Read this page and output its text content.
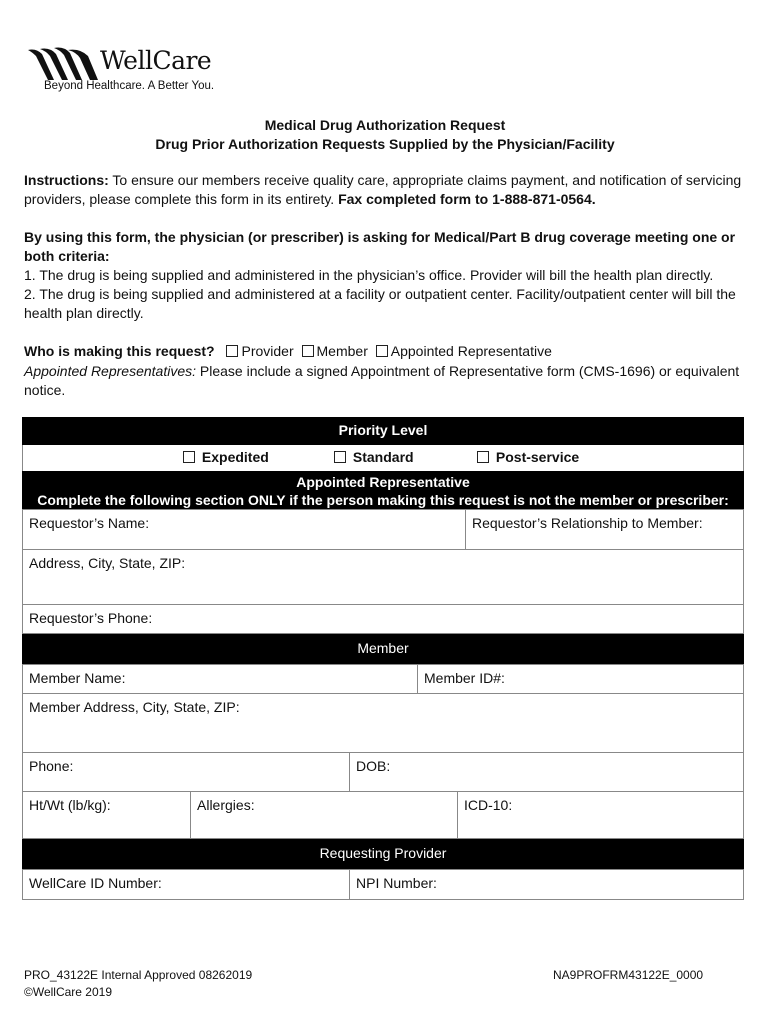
WellCare
Beyond Healthcare. A Better You.
Medical Drug Authorization Request
Drug Prior Authorization Requests Supplied by the Physician/Facility
Instructions: To ensure our members receive quality care, appropriate claims payment, and notification of servicing providers, please complete this form in its entirety. Fax completed form to 1-888-871-0564.
By using this form, the physician (or prescriber) is asking for Medical/Part B drug coverage meeting one or both criteria:
1. The drug is being supplied and administered in the physician’s office. Provider will bill the health plan directly.
2. The drug is being supplied and administered at a facility or outpatient center. Facility/outpatient center will bill the health plan directly.
Who is making this request? Provider Member Appointed Representative
Appointed Representatives: Please include a signed Appointment of Representative form (CMS-1696) or equivalent notice.
Priority Level
Expedited	Standard	Post-service
Appointed Representative
Complete the following section ONLY if the person making this request is not the member or prescriber:
Requestor’s Name:	Requestor’s Relationship to Member:
Address, City, State, ZIP:
Requestor’s Phone:
Member
Member Name:	Member ID#:
Member Address, City, State, ZIP:
Phone:	DOB:
Ht/Wt (lb/kg):	Allergies:	ICD-10:
Requesting Provider
WellCare ID Number:	NPI Number:
PRO_43122E Internal Approved 08262019
©WellCare 2019
NA9PROFRM43122E_0000
